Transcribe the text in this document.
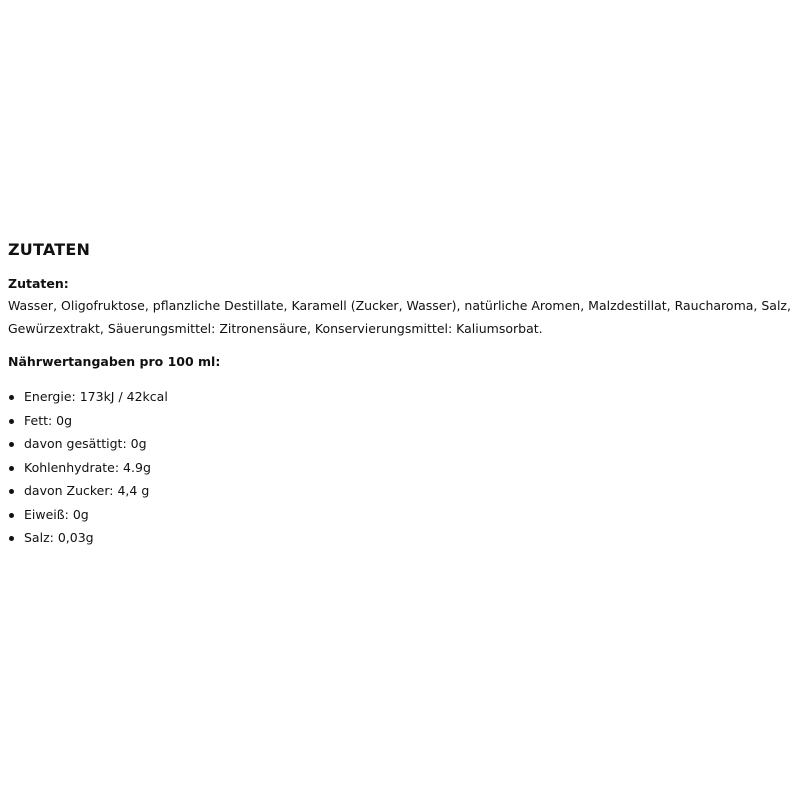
ZUTATEN
Zutaten:
Wasser, Oligofruktose, pflanzliche Destillate, Karamell (Zucker, Wasser), natürliche Aromen, Malzdestillat, Raucharoma, Salz, Gewürzextrakt, Säuerungsmittel: Zitronensäure, Konservierungsmittel: Kaliumsorbat.
Nährwertangaben pro 100 ml:
Energie: 173kJ / 42kcal
Fett: 0g
davon gesättigt: 0g
Kohlenhydrate: 4.9g
davon Zucker: 4,4 g
Eiweiß: 0g
Salz: 0,03g
